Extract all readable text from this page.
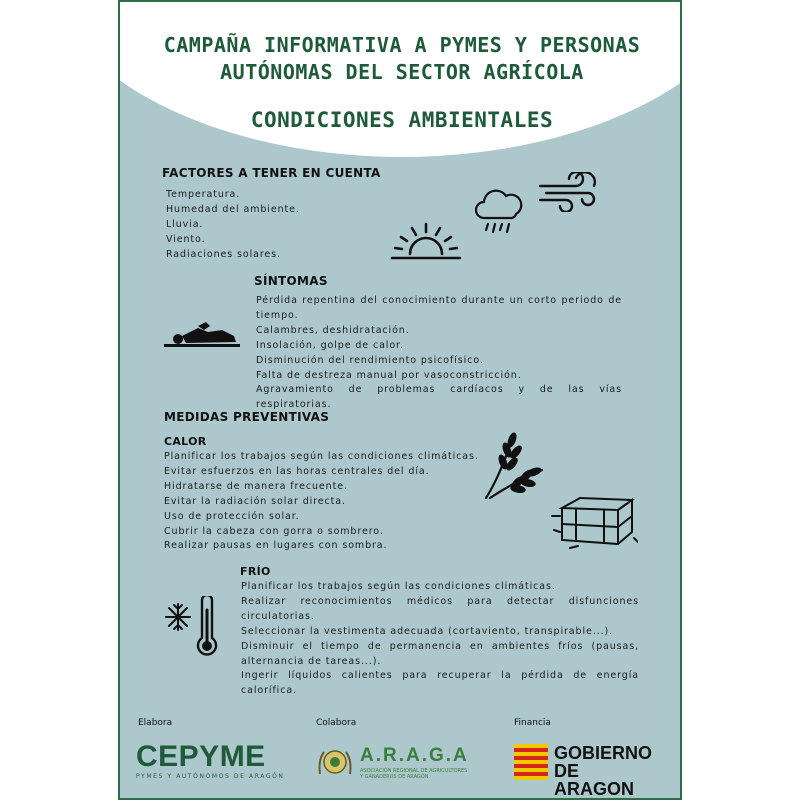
CAMPAÑA INFORMATIVA A PYMES Y PERSONAS
AUTÓNOMAS DEL SECTOR AGRÍCOLA
CONDICIONES AMBIENTALES
FACTORES A TENER EN CUENTA
Temperatura.
Humedad del ambiente.
Lluvia.
Viento.
Radiaciones solares.
SÍNTOMAS
Pérdida repentina del conocimiento durante un corto periodo de tiempo.
Calambres, deshidratación.
Insolación, golpe de calor.
Disminución del rendimiento psicofísico.
Falta de destreza manual por vasoconstricción.
Agravamiento de problemas cardíacos y de las vías respiratorias.
MEDIDAS PREVENTIVAS
CALOR
Planificar los trabajos según las condiciones climáticas.
Evitar esfuerzos en las horas centrales del día.
Hidratarse de manera frecuente.
Evitar la radiación solar directa.
Uso de protección solar.
Cubrir la cabeza con gorra o sombrero.
Realizar pausas en lugares con sombra.
FRÍO
Planificar los trabajos según las condiciones climáticas.
Realizar reconocimientos médicos para detectar disfunciones circulatorias.
Seleccionar la vestimenta adecuada (cortaviento, transpirable...).
Disminuir el tiempo de permanencia en ambientes fríos (pausas, alternancia de tareas...).
Ingerir líquidos calientes para recuperar la pérdida de energía calorífica.
Elabora	Colabora	Financia
CEPYME
PYMES Y AUTÓNOMOS DE ARAGÓN
A.R.A.G.A
ASOCIACIÓN REGIONAL DE AGRICULTORES
Y GANADEROS DE ARAGÓN
GOBIERNO
DE ARAGON
